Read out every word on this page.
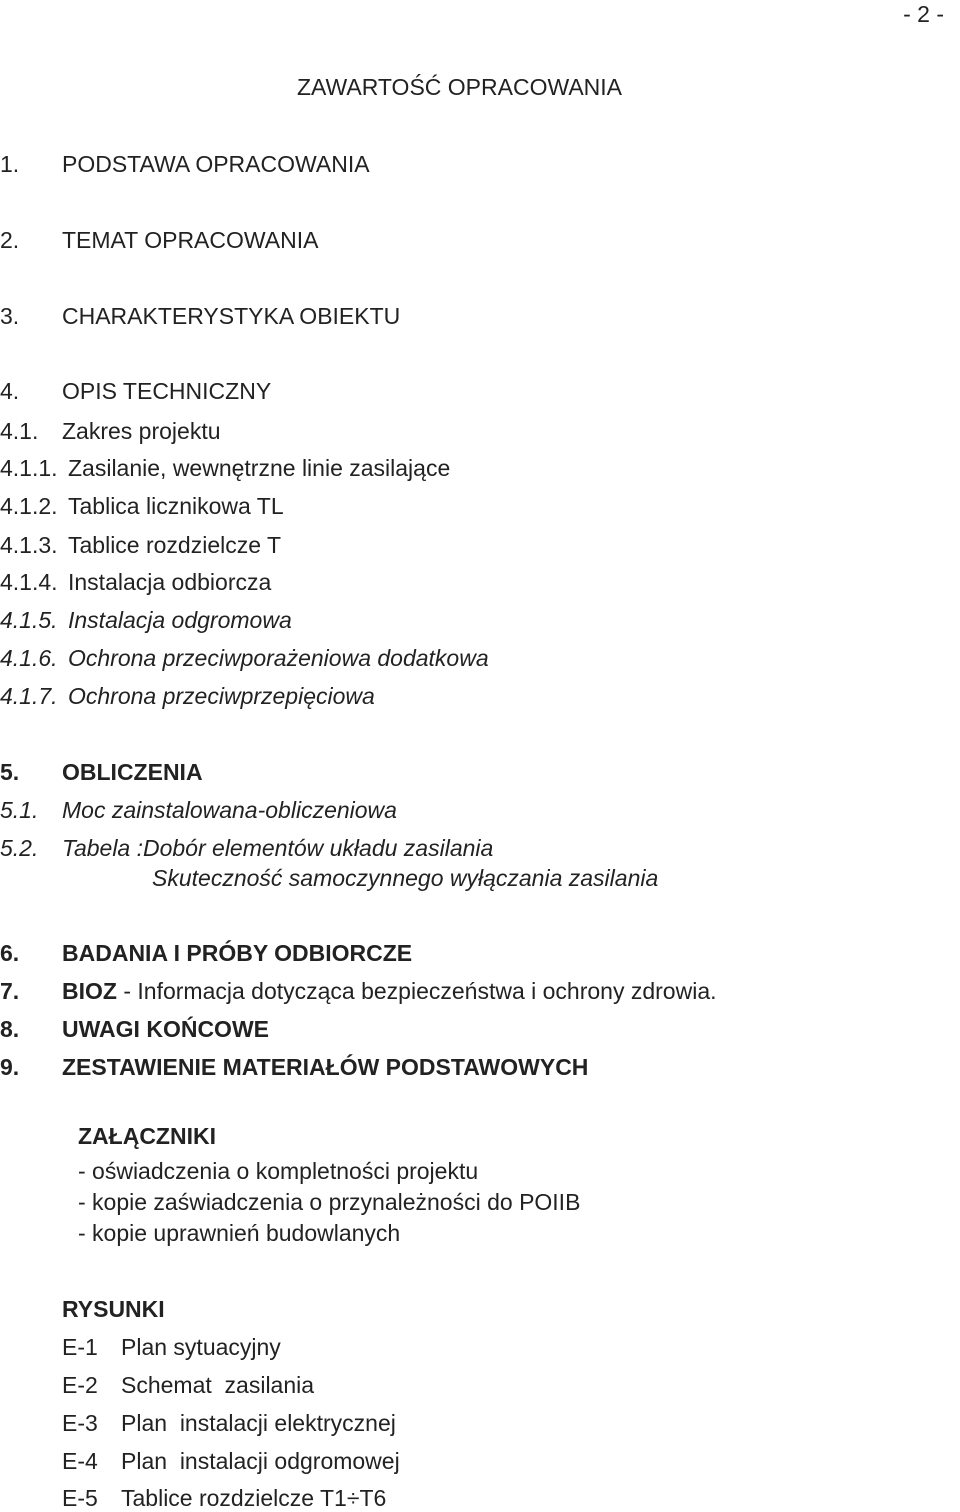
- 2 -
ZAWARTOŚĆ OPRACOWANIA
1. PODSTAWA OPRACOWANIA
2. TEMAT OPRACOWANIA
3. CHARAKTERYSTYKA OBIEKTU
4. OPIS TECHNICZNY
4.1. Zakres projektu
4.1.1. Zasilanie, wewnętrzne linie zasilające
4.1.2. Tablica licznikowa TL
4.1.3. Tablice rozdzielcze T
4.1.4. Instalacja odbiorcza
4.1.5. Instalacja odgromowa
4.1.6. Ochrona przeciwporażeniowa dodatkowa
4.1.7. Ochrona przeciwprzepięciowa
5. OBLICZENIA
5.1. Moc zainstalowana-obliczeniowa
5.2. Tabela :Dobór elementów układu zasilania
Skuteczność samoczynnego wyłączania zasilania
6. BADANIA I PRÓBY ODBIORCZE
7. BIOZ - Informacja dotycząca bezpieczeństwa i ochrony zdrowia.
8. UWAGI KOŃCOWE
9. ZESTAWIENIE MATERIAŁÓW PODSTAWOWYCH
ZAŁĄCZNIKI
- oświadczenia o kompletności projektu
- kopie zaświadczenia o przynależności do POIIB
- kopie uprawnień budowlanych
RYSUNKI
E-1 Plan sytuacyjny
E-2 Schemat  zasilania
E-3 Plan  instalacji elektrycznej
E-4 Plan  instalacji odgromowej
E-5 Tablice rozdzielcze T1÷T6
